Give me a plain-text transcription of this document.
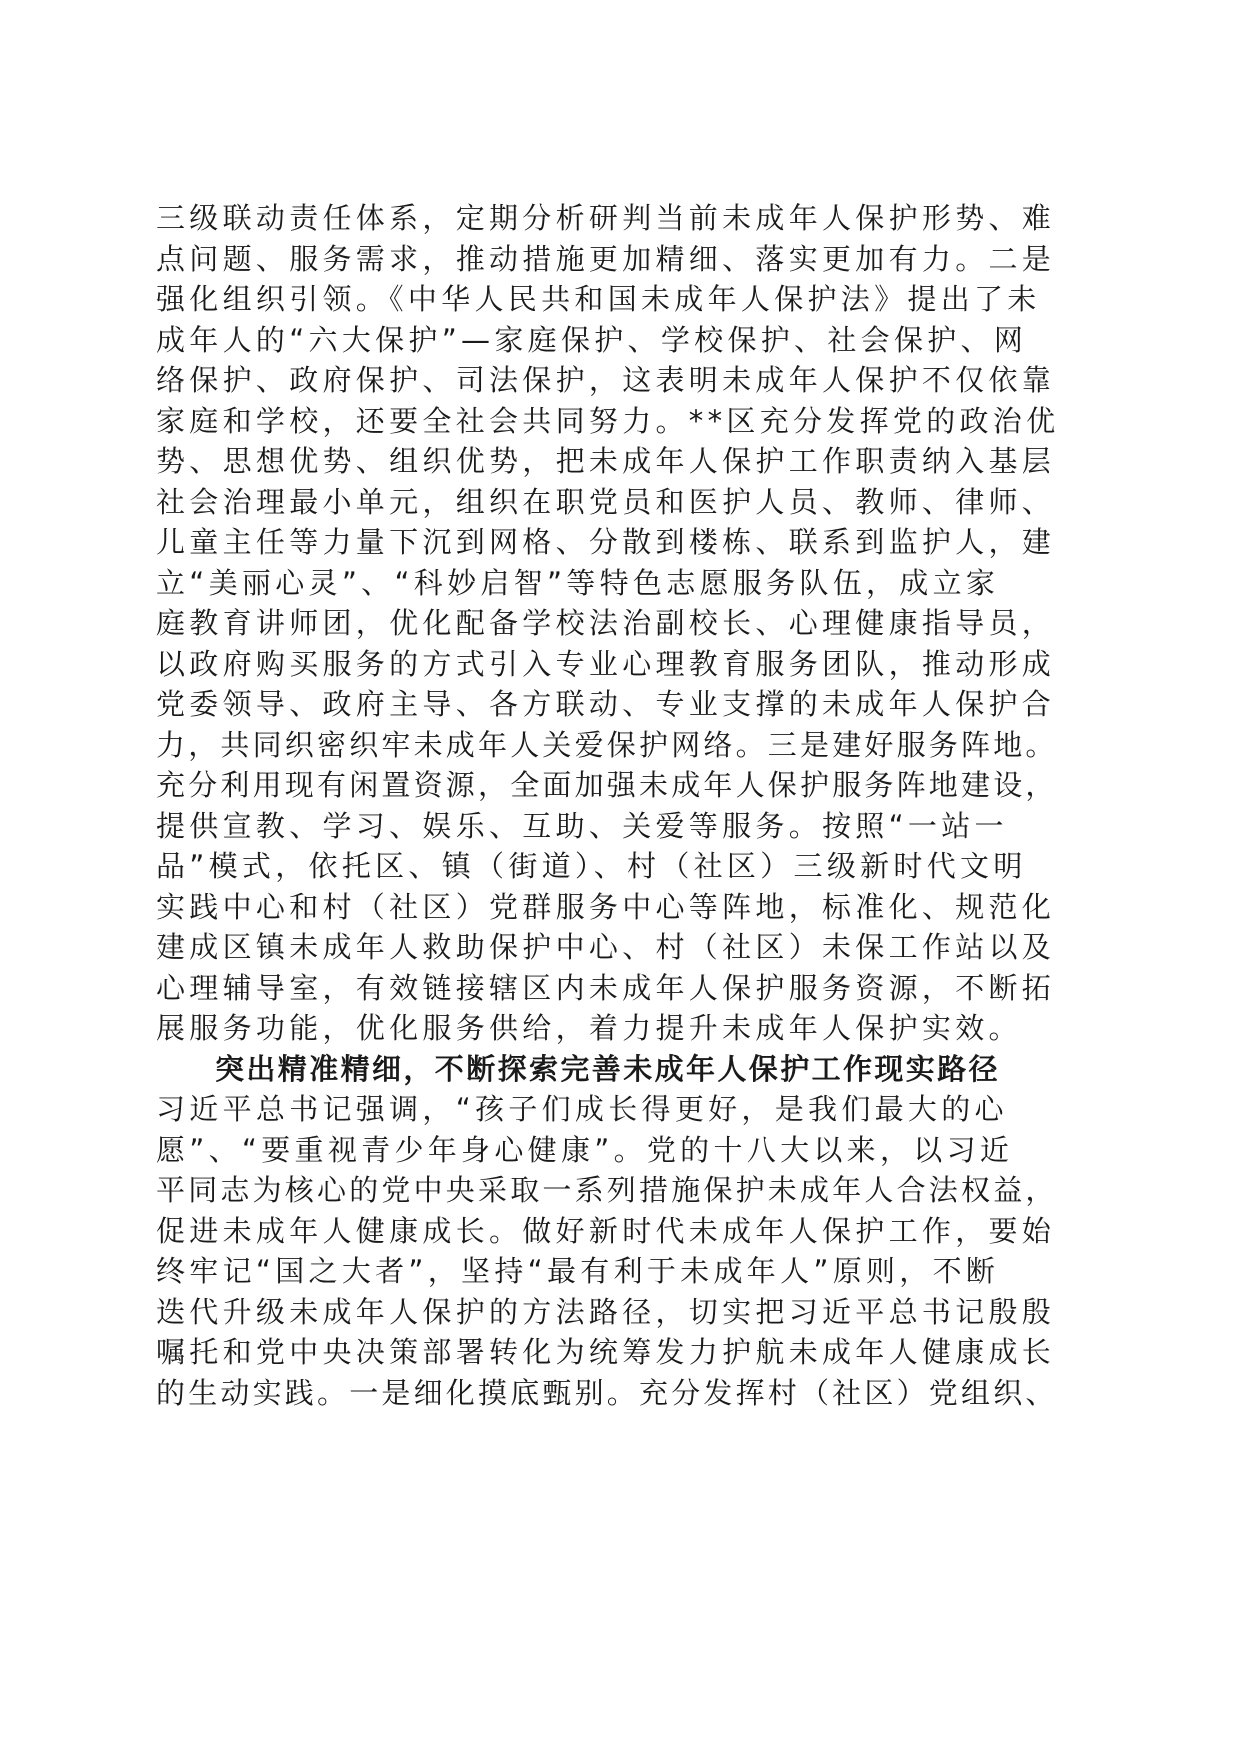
三级联动责任体系，定期分析研判当前未成年人保护形势、难
点问题、服务需求，推动措施更加精细、落实更加有力。二是
强化组织引领。《中华人民共和国未成年人保护法》提出了未
成年人的“六大保护”—家庭保护、学校保护、社会保护、网
络保护、政府保护、司法保护，这表明未成年人保护不仅依靠
家庭和学校，还要全社会共同努力。**区充分发挥党的政治优
势、思想优势、组织优势，把未成年人保护工作职责纳入基层
社会治理最小单元，组织在职党员和医护人员、教师、律师、
儿童主任等力量下沉到网格、分散到楼栋、联系到监护人，建
立“美丽心灵”、“科妙启智”等特色志愿服务队伍，成立家
庭教育讲师团，优化配备学校法治副校长、心理健康指导员，
以政府购买服务的方式引入专业心理教育服务团队，推动形成
党委领导、政府主导、各方联动、专业支撑的未成年人保护合
力，共同织密织牢未成年人关爱保护网络。三是建好服务阵地。
充分利用现有闲置资源，全面加强未成年人保护服务阵地建设，
提供宣教、学习、娱乐、互助、关爱等服务。按照“一站一
品”模式，依托区、镇（街道）、村（社区）三级新时代文明
实践中心和村（社区）党群服务中心等阵地，标准化、规范化
建成区镇未成年人救助保护中心、村（社区）未保工作站以及
心理辅导室，有效链接辖区内未成年人保护服务资源，不断拓
展服务功能，优化服务供给，着力提升未成年人保护实效。
突出精准精细，不断探索完善未成年人保护工作现实路径
习近平总书记强调，“孩子们成长得更好，是我们最大的心
愿”、“要重视青少年身心健康”。党的十八大以来，以习近
平同志为核心的党中央采取一系列措施保护未成年人合法权益，
促进未成年人健康成长。做好新时代未成年人保护工作，要始
终牢记“国之大者”，坚持“最有利于未成年人”原则，不断
迭代升级未成年人保护的方法路径，切实把习近平总书记殷殷
嘱托和党中央决策部署转化为统筹发力护航未成年人健康成长
的生动实践。一是细化摸底甄别。充分发挥村（社区）党组织、
